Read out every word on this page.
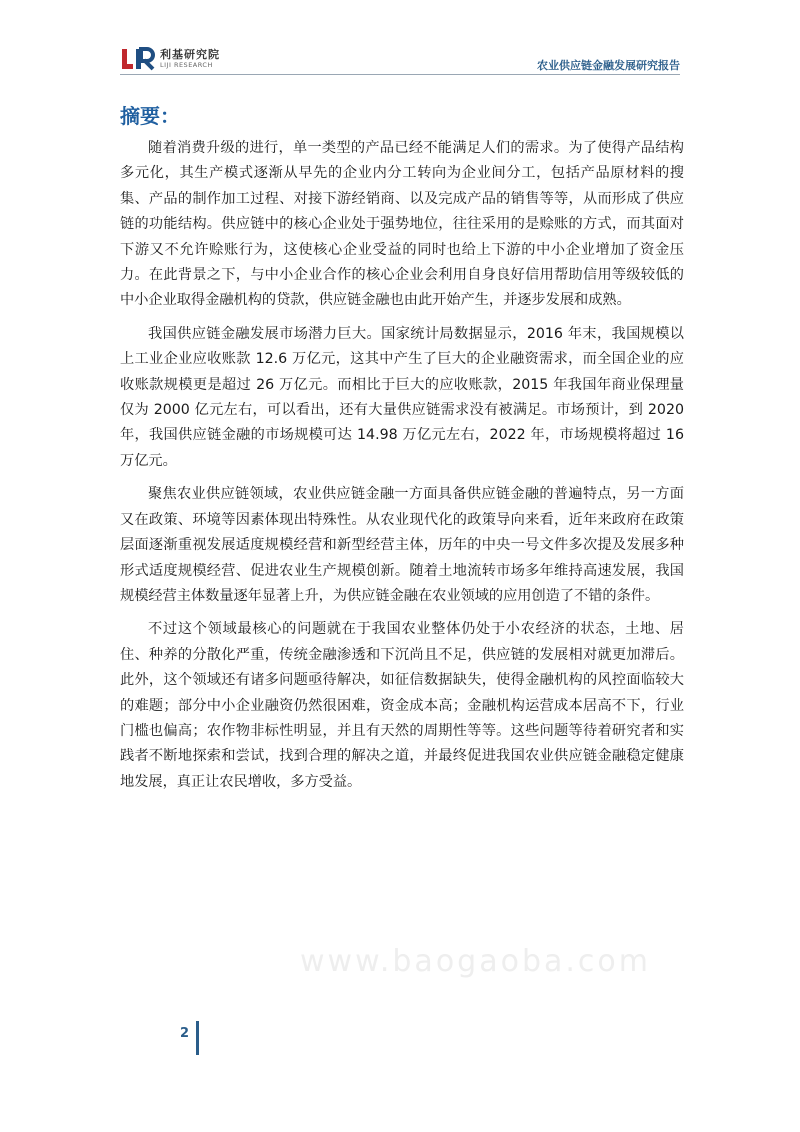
利基研究院
LIJI RESEARCH	农业供应链金融发展研究报告
摘要：

随着消费升级的进行，单一类型的产品已经不能满足人们的需求。为了使得产品结构多元化，其生产模式逐渐从早先的企业内分工转向为企业间分工，包括产品原材料的搜集、产品的制作加工过程、对接下游经销商、以及完成产品的销售等等，从而形成了供应链的功能结构。供应链中的核心企业处于强势地位，往往采用的是赊账的方式，而其面对下游又不允许赊账行为，这使核心企业受益的同时也给上下游的中小企业增加了资金压力。在此背景之下，与中小企业合作的核心企业会利用自身良好信用帮助信用等级较低的中小企业取得金融机构的贷款，供应链金融也由此开始产生，并逐步发展和成熟。

我国供应链金融发展市场潜力巨大。国家统计局数据显示，2016 年末，我国规模以上工业企业应收账款 12.6 万亿元，这其中产生了巨大的企业融资需求，而全国企业的应收账款规模更是超过 26 万亿元。而相比于巨大的应收账款，2015 年我国年商业保理量仅为 2000 亿元左右，可以看出，还有大量供应链需求没有被满足。市场预计，到 2020 年，我国供应链金融的市场规模可达 14.98 万亿元左右，2022 年，市场规模将超过 16 万亿元。

聚焦农业供应链领域，农业供应链金融一方面具备供应链金融的普遍特点，另一方面又在政策、环境等因素体现出特殊性。从农业现代化的政策导向来看，近年来政府在政策层面逐渐重视发展适度规模经营和新型经营主体，历年的中央一号文件多次提及发展多种形式适度规模经营、促进农业生产规模创新。随着土地流转市场多年维持高速发展，我国规模经营主体数量逐年显著上升，为供应链金融在农业领域的应用创造了不错的条件。

不过这个领域最核心的问题就在于我国农业整体仍处于小农经济的状态，土地、居住、种养的分散化严重，传统金融渗透和下沉尚且不足，供应链的发展相对就更加滞后。此外，这个领域还有诸多问题亟待解决，如征信数据缺失，使得金融机构的风控面临较大的难题；部分中小企业融资仍然很困难，资金成本高；金融机构运营成本居高不下，行业门槛也偏高；农作物非标性明显，并且有天然的周期性等等。这些问题等待着研究者和实践者不断地探索和尝试，找到合理的解决之道，并最终促进我国农业供应链金融稳定健康地发展，真正让农民增收，多方受益。

www.baogaoba.com
2
